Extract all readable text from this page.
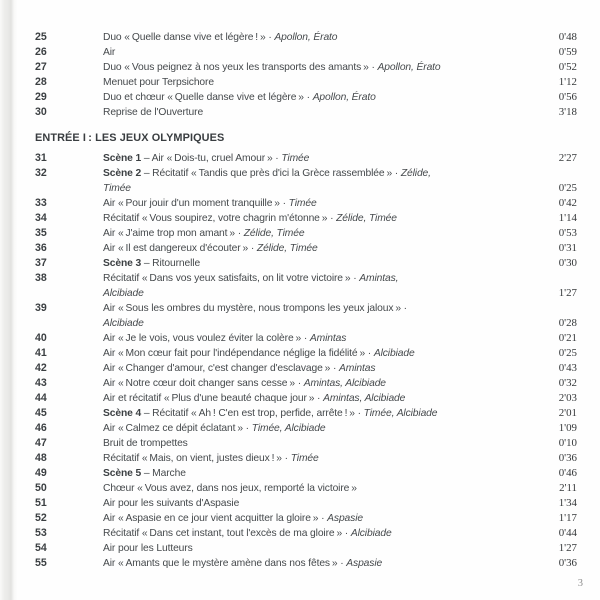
25	Duo « Quelle danse vive et légère ! » · Apollon, Érato	0'48
26	Air	0'59
27	Duo « Vous peignez à nos yeux les transports des amants » · Apollon, Érato	0'52
28	Menuet pour Terpsichore	1'12
29	Duo et chœur « Quelle danse vive et légère » · Apollon, Érato	0'56
30	Reprise de l'Ouverture	3'18
ENTRÉE I : LES JEUX OLYMPIQUES
31	Scène 1 – Air « Dois-tu, cruel Amour » · Timée	2'27
32	Scène 2 – Récitatif « Tandis que près d'ici la Grèce rassemblée » · Zélide,
Timée	0'25
33	Air « Pour jouir d'un moment tranquille » · Timée	0'42
34	Récitatif « Vous soupirez, votre chagrin m'étonne » · Zélide, Timée	1'14
35	Air « J'aime trop mon amant » · Zélide, Timée	0'53
36	Air « Il est dangereux d'écouter » · Zélide, Timée	0'31
37	Scène 3 – Ritournelle	0'30
38	Récitatif « Dans vos yeux satisfaits, on lit votre victoire » · Amintas,
Alcibiade	1'27
39	Air « Sous les ombres du mystère, nous trompons les yeux jaloux » ·
Alcibiade	0'28
40	Air « Je le vois, vous voulez éviter la colère » · Amintas	0'21
41	Air « Mon cœur fait pour l'indépendance néglige la fidélité » · Alcibiade	0'25
42	Air « Changer d'amour, c'est changer d'esclavage » · Amintas	0'43
43	Air « Notre cœur doit changer sans cesse » · Amintas, Alcibiade	0'32
44	Air et récitatif « Plus d'une beauté chaque jour » · Amintas, Alcibiade	2'03
45	Scène 4 – Récitatif « Ah ! C'en est trop, perfide, arrête ! » · Timée, Alcibiade	2'01
46	Air « Calmez ce dépit éclatant » · Timée, Alcibiade	1'09
47	Bruit de trompettes	0'10
48	Récitatif « Mais, on vient, justes dieux ! » · Timée	0'36
49	Scène 5 – Marche	0'46
50	Chœur « Vous avez, dans nos jeux, remporté la victoire »	2'11
51	Air pour les suivants d'Aspasie	1'34
52	Air « Aspasie en ce jour vient acquitter la gloire » · Aspasie	1'17
53	Récitatif « Dans cet instant, tout l'excès de ma gloire » · Alcibiade	0'44
54	Air pour les Lutteurs	1'27
55	Air « Amants que le mystère amène dans nos fêtes » · Aspasie	0'36
3
